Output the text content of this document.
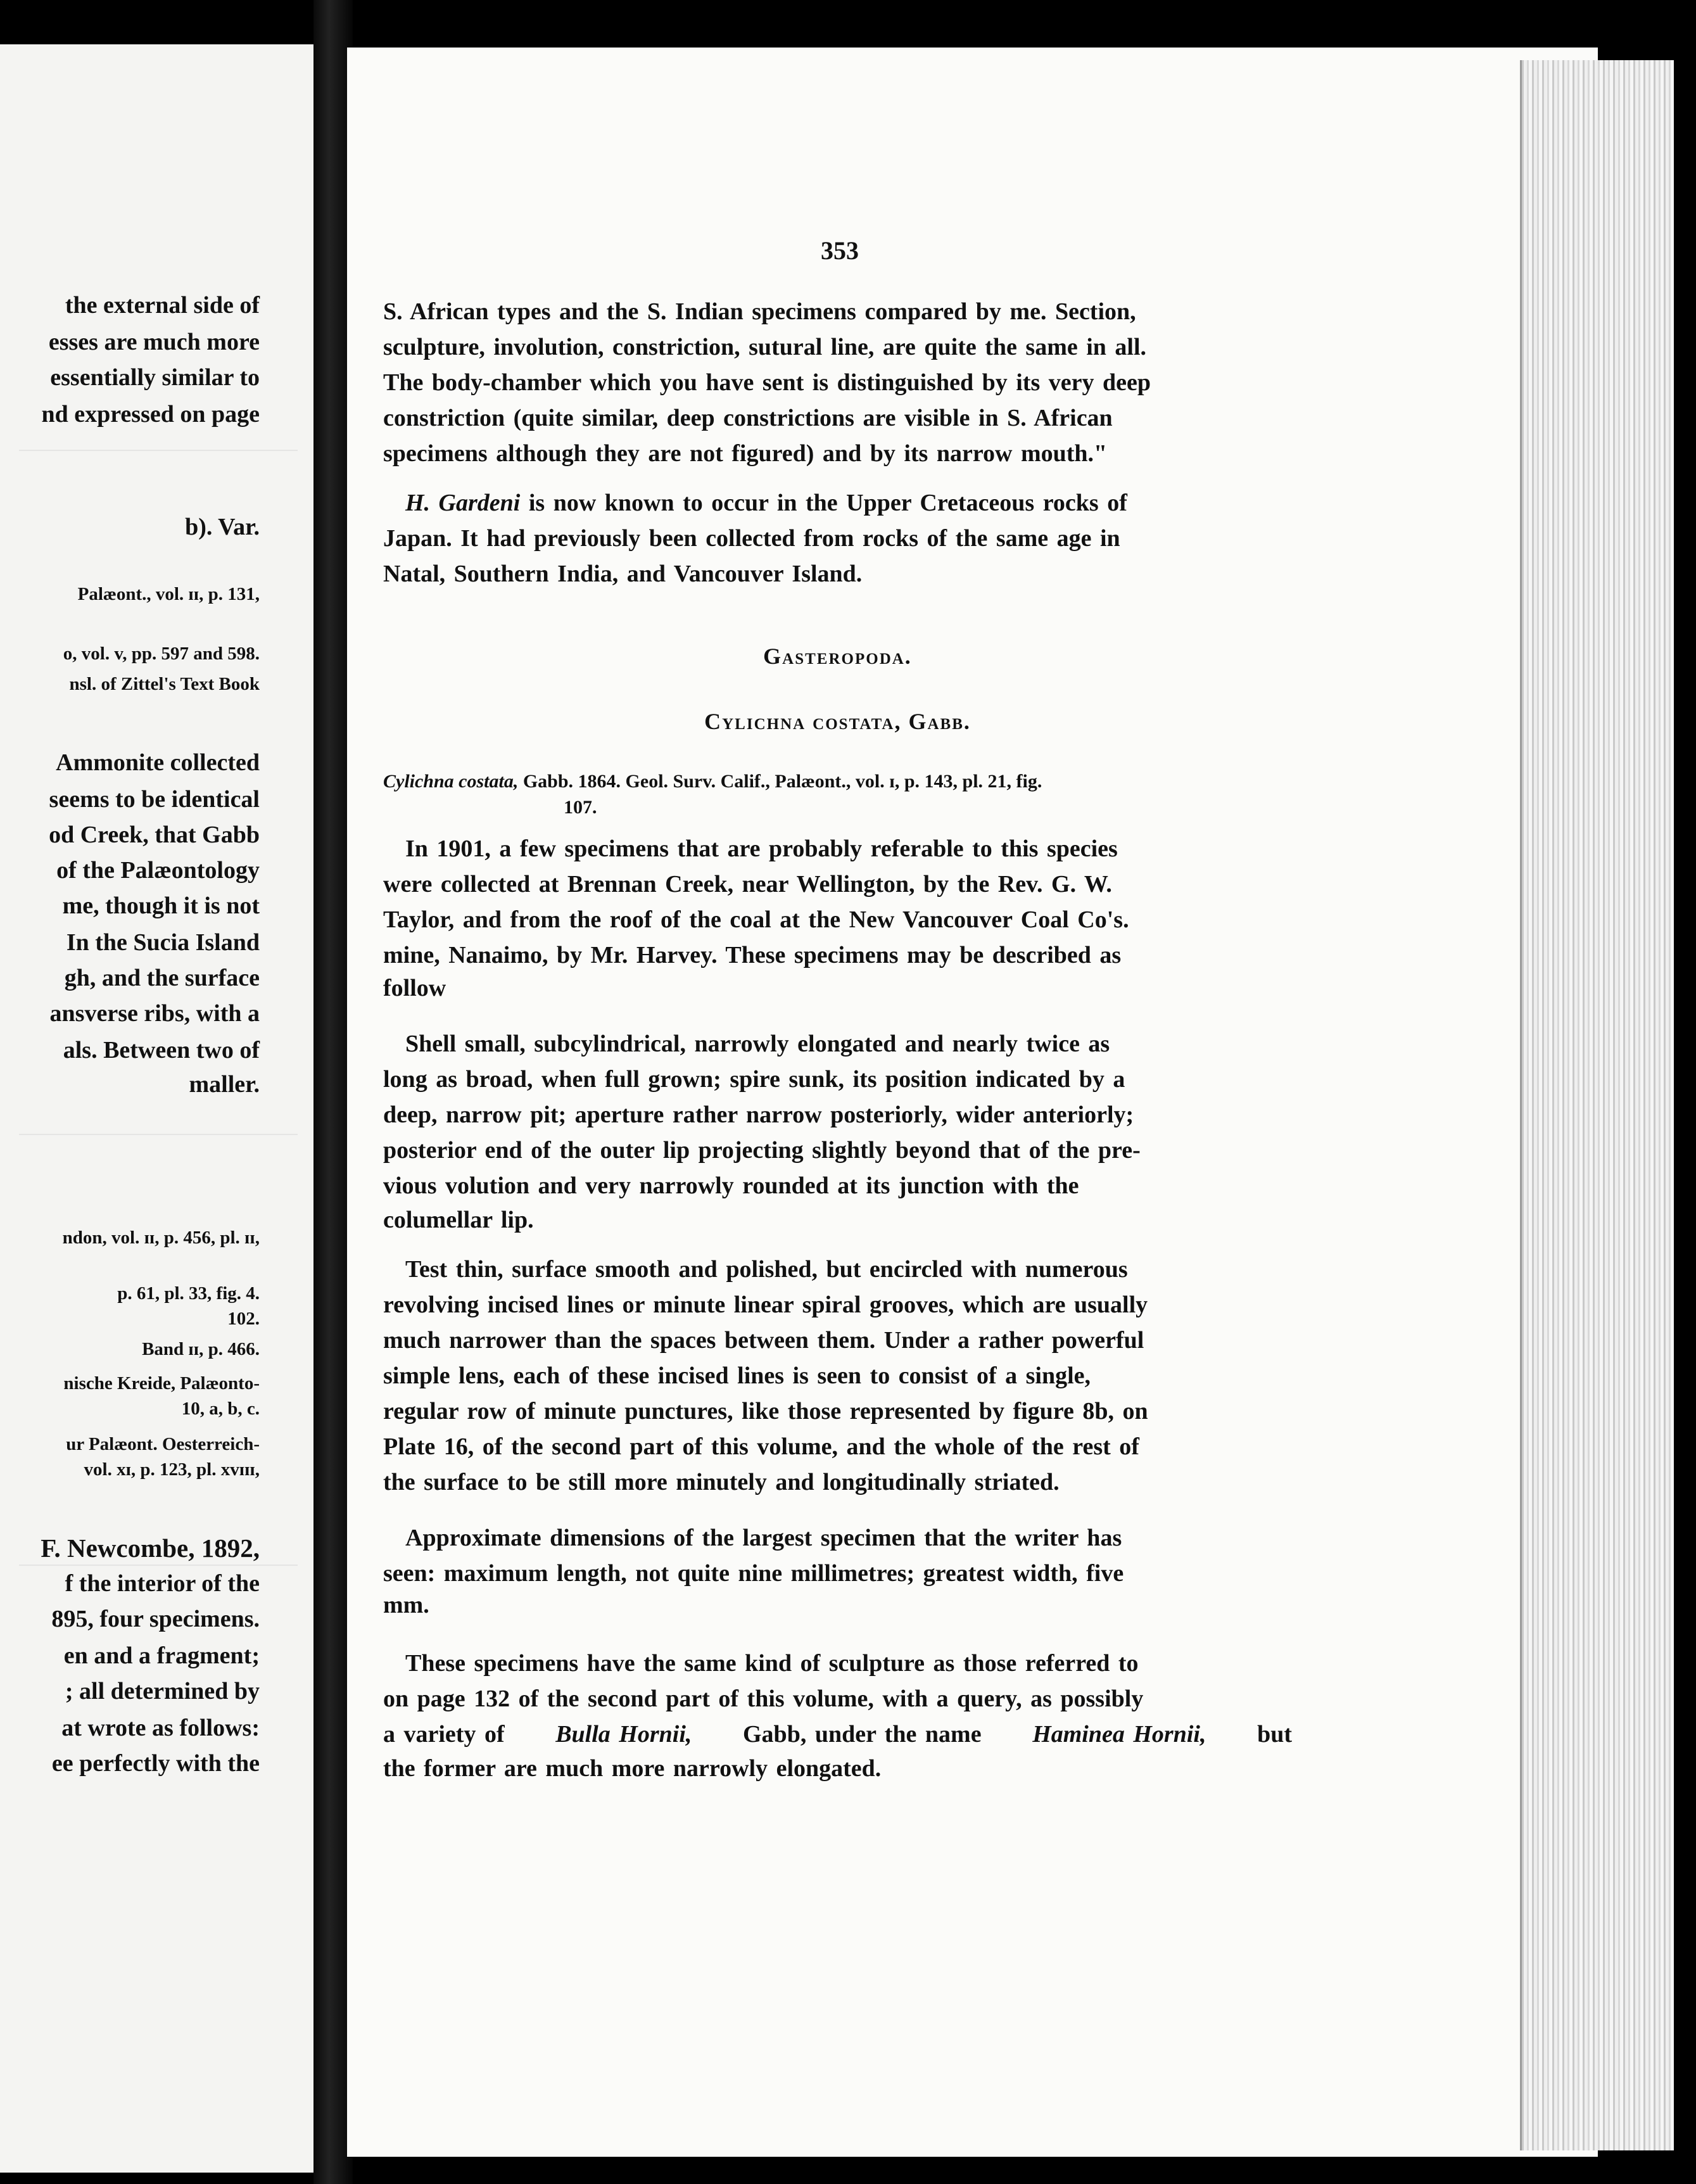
the external side of
esses are much more
essentially similar to
nd expressed on page
b). Var.
Palæont., vol. ɪɪ, p. 131,
o, vol. v, pp. 597 and 598.
nsl. of Zittel's Text Book
Ammonite collected
seems to be identical
od Creek, that Gabb
of the Palæontology
me, though it is not
In the Sucia Island
gh, and the surface
ansverse ribs, with a
als. Between two of
maller.
ndon, vol. ɪɪ, p. 456, pl. ɪɪ,
p. 61, pl. 33, fig. 4.
102.
Band ɪɪ, p. 466.
nische Kreide, Palæonto-
10, a, b, c.
ur Palæont. Oesterreich-
vol. xɪ, p. 123, pl. xvɪɪɪ,
F. Newcombe, 1892,
f the interior of the
895, four specimens.
en and a fragment;
; all determined by
at wrote as follows:
ee perfectly with the
353
S. African types and the S. Indian specimens compared by me. Section,
sculpture, involution, constriction, sutural line, are quite the same in all.
The body-chamber which you have sent is distinguished by its very deep
constriction (quite similar, deep constrictions are visible in S. African
specimens although they are not figured) and by its narrow mouth."
H. Gardeni is now known to occur in the Upper Cretaceous rocks of
Japan. It had previously been collected from rocks of the same age in
Natal, Southern India, and Vancouver Island.
Gasteropoda.
Cylichna costata, Gabb.
Cylichna costata, Gabb. 1864. Geol. Surv. Calif., Palæont., vol. ɪ, p. 143, pl. 21, fig.
107.
In 1901, a few specimens that are probably referable to this species
were collected at Brennan Creek, near Wellington, by the Rev. G. W.
Taylor, and from the roof of the coal at the New Vancouver Coal Co's.
mine, Nanaimo, by Mr. Harvey. These specimens may be described as
follow
Shell small, subcylindrical, narrowly elongated and nearly twice as
long as broad, when full grown; spire sunk, its position indicated by a
deep, narrow pit; aperture rather narrow posteriorly, wider anteriorly;
posterior end of the outer lip projecting slightly beyond that of the pre-
vious volution and very narrowly rounded at its junction with the
columellar lip.
Test thin, surface smooth and polished, but encircled with numerous
revolving incised lines or minute linear spiral grooves, which are usually
much narrower than the spaces between them. Under a rather powerful
simple lens, each of these incised lines is seen to consist of a single,
regular row of minute punctures, like those represented by figure 8b, on
Plate 16, of the second part of this volume, and the whole of the rest of
the surface to be still more minutely and longitudinally striated.
Approximate dimensions of the largest specimen that the writer has
seen: maximum length, not quite nine millimetres; greatest width, five
mm.
These specimens have the same kind of sculpture as those referred to
on page 132 of the second part of this volume, with a query, as possibly
a variety of Bulla Hornii, Gabb, under the name Haminea Hornii, but
the former are much more narrowly elongated.
